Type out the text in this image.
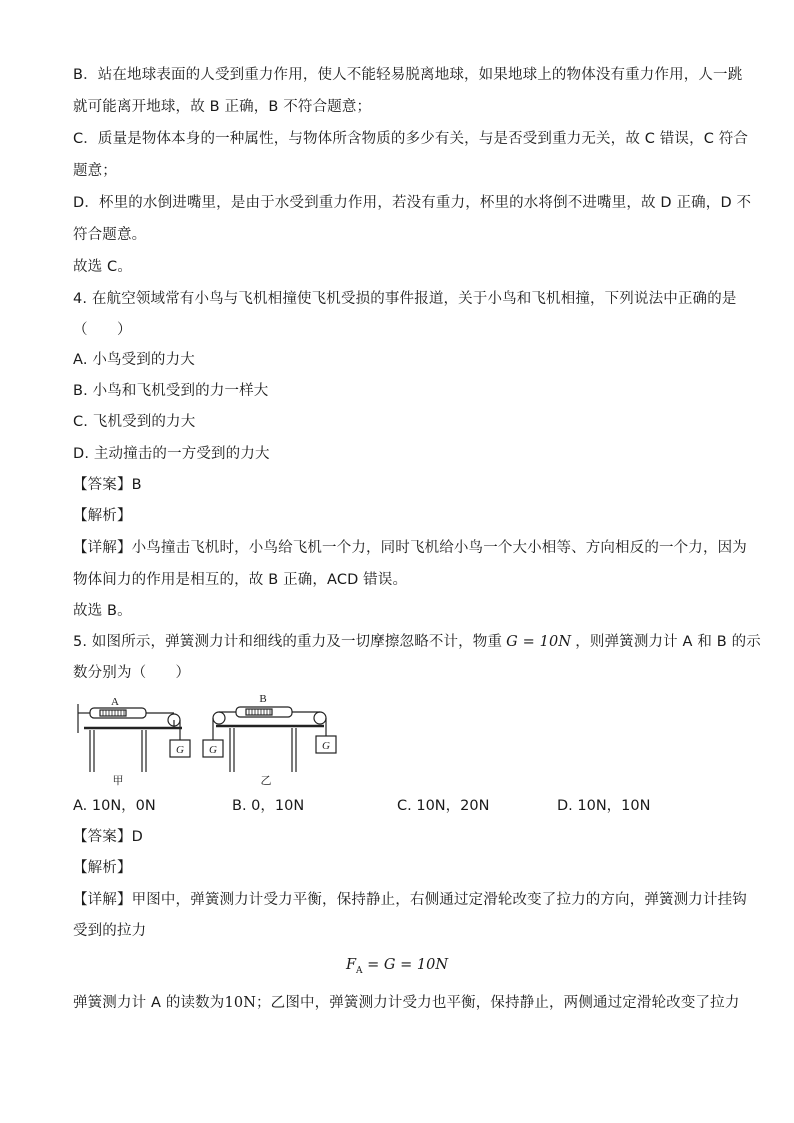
B．站在地球表面的人受到重力作用，使人不能轻易脱离地球，如果地球上的物体没有重力作用，人一跳
就可能离开地球，故 B 正确，B 不符合题意；
C．质量是物体本身的一种属性，与物体所含物质的多少有关，与是否受到重力无关，故 C 错误，C 符合
题意；
D．杯里的水倒进嘴里，是由于水受到重力作用，若没有重力，杯里的水将倒不进嘴里，故 D 正确，D 不
符合题意。
故选 C。
4. 在航空领域常有小鸟与飞机相撞使飞机受损的事件报道，关于小鸟和飞机相撞，下列说法中正确的是
（　　）
A. 小鸟受到的力大
B. 小鸟和飞机受到的力一样大
C. 飞机受到的力大
D. 主动撞击的一方受到的力大
【答案】B
【解析】
【详解】小鸟撞击飞机时，小鸟给飞机一个力，同时飞机给小鸟一个大小相等、方向相反的一个力，因为
物体间力的作用是相互的，故 B 正确，ACD 错误。
故选 B。
5. 如图所示，弹簧测力计和细线的重力及一切摩擦忽略不计，物重 G = 10N ，则弹簧测力计 A 和 B 的示
数分别为（　　）
A	B
G G	G
甲	乙
A. 10N，0N	B. 0，10N	C. 10N，20N	D. 10N，10N
【答案】D
【解析】
【详解】甲图中，弹簧测力计受力平衡，保持静止，右侧通过定滑轮改变了拉力的方向，弹簧测力计挂钩
受到的拉力
$F_A = G = 10N$
弹簧测力计 A 的读数为10N；乙图中，弹簧测力计受力也平衡，保持静止，两侧通过定滑轮改变了拉力
